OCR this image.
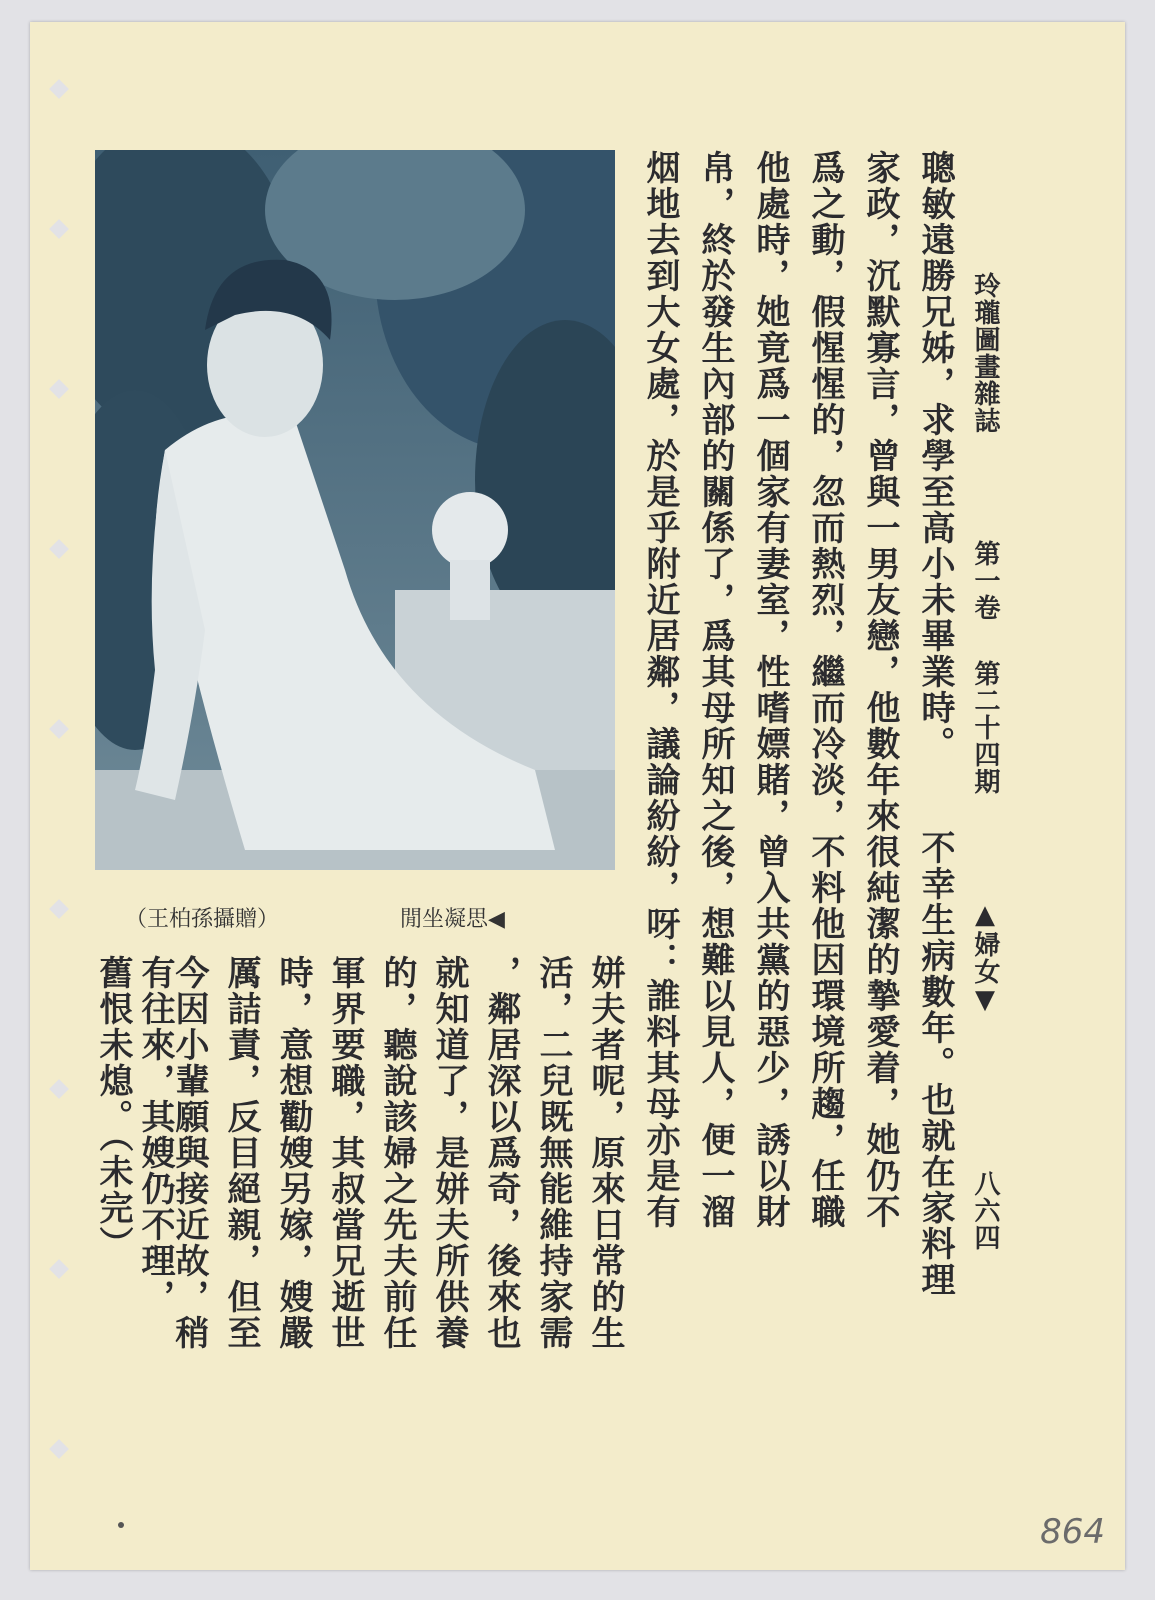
玲瓏圖畫雜誌
第一卷
第二十四期
▲婦女▼
八六四
不幸生病數年。也就在家料理
聰敏遠勝兄姊，求學至高小未畢業時。
家政，沉默寡言，曾與一男友戀，他數年來很純潔的摯愛着，她仍不
爲之動，假惺惺的，忽而熱烈，繼而冷淡，不料他因環境所趨，任職
他處時，她竟爲一個家有妻室，性嗜嫖賭，曾入共黨的惡少，誘以財
帛，終於發生內部的關係了，爲其母所知之後，想難以見人，便一溜
烟地去到大女處，於是乎附近居鄰，議論紛紛，呀：誰料其母亦是有
姘夫者呢，原來日常的生
活，二兒既無能維持家需
，鄰居深以爲奇，後來也
就知道了，是姘夫所供養
的，聽說該婦之先夫前任
軍界要職，其叔當兄逝世
時，意想勸嫂另嫁，嫂嚴
厲詰責，反目絕親，但至
今因小輩願與接近故，稍
有往來，其嫂仍不理，
舊恨未熄。（未完）
閒坐凝思◀
（王柏孫攝贈）
864
